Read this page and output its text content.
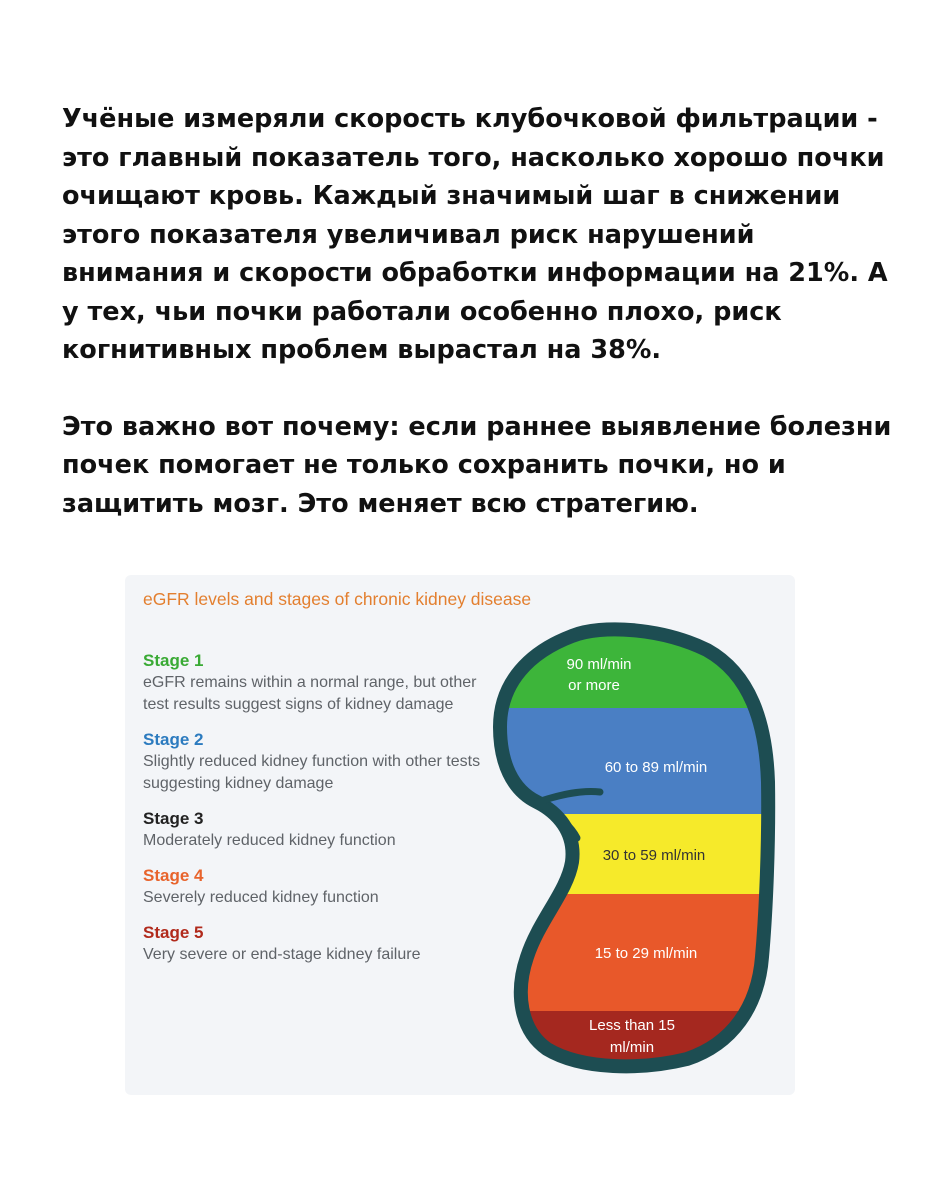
Учёные измеряли скорость клубочковой фильтрации - это главный показатель того, насколько хорошо почки очищают кровь. Каждый значимый шаг в снижении этого показателя увеличивал риск нарушений внимания и скорости обработки информации на 21%. А у тех, чьи почки работали особенно плохо, риск когнитивных проблем вырастал на 38%.

Это важно вот почему: если раннее выявление болезни почек помогает не только сохранить почки, но и защитить мозг. Это меняет всю стратегию.

eGFR levels and stages of chronic kidney disease
Stage 1
eGFR remains within a normal range, but other test results suggest signs of kidney damage
Stage 2
Slightly reduced kidney function with other tests suggesting kidney damage
Stage 3
Moderately reduced kidney function
Stage 4
Severely reduced kidney function
Stage 5
Very severe or end-stage kidney failure
90 ml/min
or more
60 to 89 ml/min
30 to 59 ml/min
15 to 29 ml/min
Less than 15
ml/min
